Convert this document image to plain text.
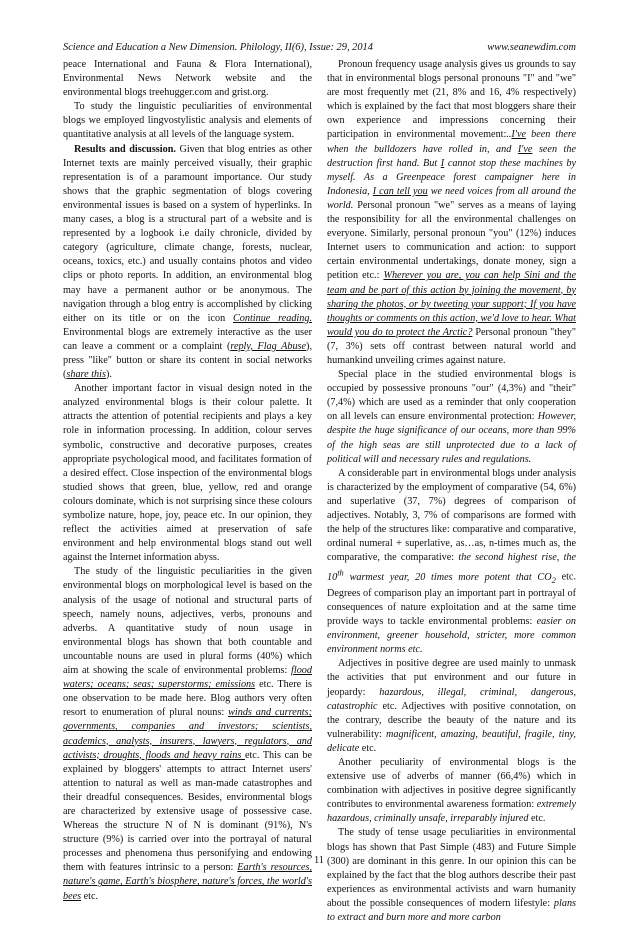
Science and Education a New Dimension. Philology, II(6), Issue: 29, 2014	www.seanewdim.com

peace International and Fauna & Flora International), Environmental News Network website and the environmental blogs treehugger.com and grist.org.

To study the linguistic peculiarities of environmental blogs we employed lingvostylistic analysis and elements of quantitative analysis at all levels of the language system.

Results and discussion. Given that blog entries as other Internet texts are mainly perceived visually, their graphic representation is of a paramount importance. Our study shows that the graphic segmentation of blogs covering environmental issues is based on a system of hyperlinks. In many cases, a blog is a structural part of a website and is represented by a logbook i.e daily chronicle, divided by category (agriculture, climate change, forests, nuclear, oceans, toxics, etc.) and usually contains photos and video clips or photo reports. In addition, an environmental blog may have a permanent author or be anonymous. The navigation through a blog entry is accomplished by clicking either on its title or on the icon Continue reading. Environmental blogs are extremely interactive as the user can leave a comment or a complaint (reply, Flag Abuse), press "like" button or share its content in social networks (share this).

Another important factor in visual design noted in the analyzed environmental blogs is their colour palette. It attracts the attention of potential recipients and plays a key role in information processing. In addition, colour serves symbolic, constructive and decorative purposes, creates appropriate psychological mood, and facilitates formation of a desired effect. Close inspection of the environmental blogs studied shows that green, blue, yellow, red and orange colours dominate, which is not surprising since these colours symbolize nature, hope, joy, peace etc. In our opinion, they reflect the activities aimed at preservation of safe environment and help environmental blogs stand out well against the Internet information abyss.

The study of the linguistic peculiarities in the given environmental blogs on morphological level is based on the analysis of the usage of notional and structural parts of speech, namely nouns, adjectives, verbs, pronouns and adverbs. A quantitative study of noun usage in environmental blogs has shown that both countable and uncountable nouns are used in plural forms (40%) which aim at showing the scale of environmental problems: flood waters; oceans; seas; superstorms; emissions etc. There is one observation to be made here. Blog authors very often resort to enumeration of plural nouns: winds and currents; governments, companies and investors; scientists, academics, analysts, insurers, lawyers, regulators, and activists; droughts, floods and heavy rains etc. This can be explained by bloggers' attempts to attract Internet users' attention to natural as well as man-made catastrophes and their dreadful consequences. Besides, environmental blogs are characterized by extensive usage of possessive case. Whereas the structure N of N is dominant (91%), N's structure (9%) is carried over into the portrayal of natural processes and phenomena thus personifying and endowing them with features intrinsic to a person: Earth's resources, nature's game, Earth's biosphere, nature's forces, the world's bees etc.

Pronoun frequency usage analysis gives us grounds to say that in environmental blogs personal pronouns "I" and "we" are most frequently met (21, 8% and 16, 4% respectively) which is explained by the fact that most bloggers share their own experience and impressions concerning their participation in environmental movement:..I've been there when the bulldozers have rolled in, and I've seen the destruction first hand. But I cannot stop these machines by myself. As a Greenpeace forest campaigner here in Indonesia, I can tell you we need voices from all around the world. Personal pronoun "we" serves as a means of laying the responsibility for all the environmental challenges on everyone. Similarly, personal pronoun "you" (12%) induces Internet users to communication and action: to support certain environmental undertakings, donate money, sign a petition etc.: Wherever you are, you can help Sini and the team and be part of this action by joining the movement, by sharing the photos, or by tweeting your support; If you have thoughts or comments on this action, we'd love to hear. What would you do to protect the Arctic? Personal pronoun "they" (7, 3%) sets off contrast between natural world and humankind unveiling crimes against nature.

Special place in the studied environmental blogs is occupied by possessive pronouns "our" (4,3%) and "their" (7,4%) which are used as a reminder that only cooperation on all levels can ensure environmental protection: However, despite the huge significance of our oceans, more than 99% of the high seas are still unprotected due to a lack of political will and necessary rules and regulations.

A considerable part in environmental blogs under analysis is characterized by the employment of comparative (54, 6%) and superlative (37, 7%) degrees of comparison of adjectives. Notably, 3, 7% of comparisons are formed with the help of the structures like: comparative and comparative, ordinal numeral + superlative, as…as, n-times much as, the comparative, the comparative: the second highest rise, the 10th warmest year, 20 times more potent that $CO_2$ etc. Degrees of comparison play an important part in portrayal of consequences of nature exploitation and at the same time provide ways to tackle environmental problems: easier on environment, greener household, stricter, more common environment norms etc.

Adjectives in positive degree are used mainly to unmask the activities that put environment and our future in jeopardy: hazardous, illegal, criminal, dangerous, catastrophic etc. Adjectives with positive connotation, on the contrary, describe the beauty of the nature and its vulnerability: magnificent, amazing, beautiful, fragile, tiny, delicate etc.

Another peculiarity of environmental blogs is the extensive use of adverbs of manner (66,4%) which in combination with adjectives in positive degree significantly contributes to environmental awareness formation: extremely hazardous, criminally unsafe, irreparably injured etc.

The study of tense usage peculiarities in environmental blogs has shown that Past Simple (483) and Future Simple (300) are dominant in this genre. In our opinion this can be explained by the fact that the blog authors describe their past experiences as environmental activists and warn humanity about the possible consequences of modern lifestyle: plans to extract and burn more and more carbon

11
